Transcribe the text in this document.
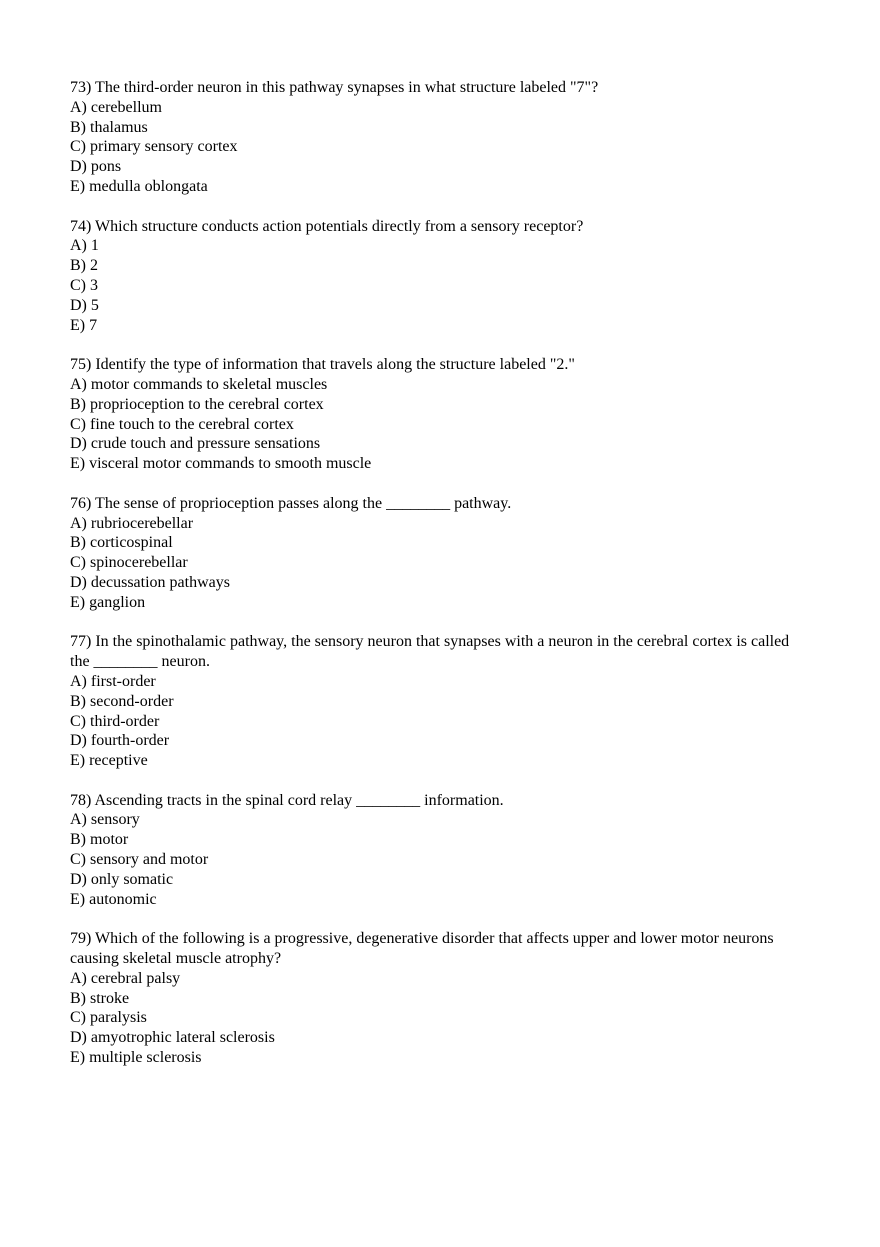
73) The third-order neuron in this pathway synapses in what structure labeled "7"?

A) cerebellum

B) thalamus

C) primary sensory cortex

D) pons

E) medulla oblongata

74) Which structure conducts action potentials directly from a sensory receptor?

A) 1

B) 2

C) 3

D) 5

E) 7

75) Identify the type of information that travels along the structure labeled "2."

A) motor commands to skeletal muscles

B) proprioception to the cerebral cortex

C) fine touch to the cerebral cortex

D) crude touch and pressure sensations

E) visceral motor commands to smooth muscle

76) The sense of proprioception passes along the ________ pathway.

A) rubriocerebellar

B) corticospinal

C) spinocerebellar

D) decussation pathways

E) ganglion

77) In the spinothalamic pathway, the sensory neuron that synapses with a neuron in the cerebral cortex is called the ________ neuron.

A) first-order

B) second-order

C) third-order

D) fourth-order

E) receptive

78) Ascending tracts in the spinal cord relay ________ information.

A) sensory

B) motor

C) sensory and motor

D) only somatic

E) autonomic

79) Which of the following is a progressive, degenerative disorder that affects upper and lower motor neurons causing skeletal muscle atrophy?

A) cerebral palsy

B) stroke

C) paralysis

D) amyotrophic lateral sclerosis

E) multiple sclerosis
